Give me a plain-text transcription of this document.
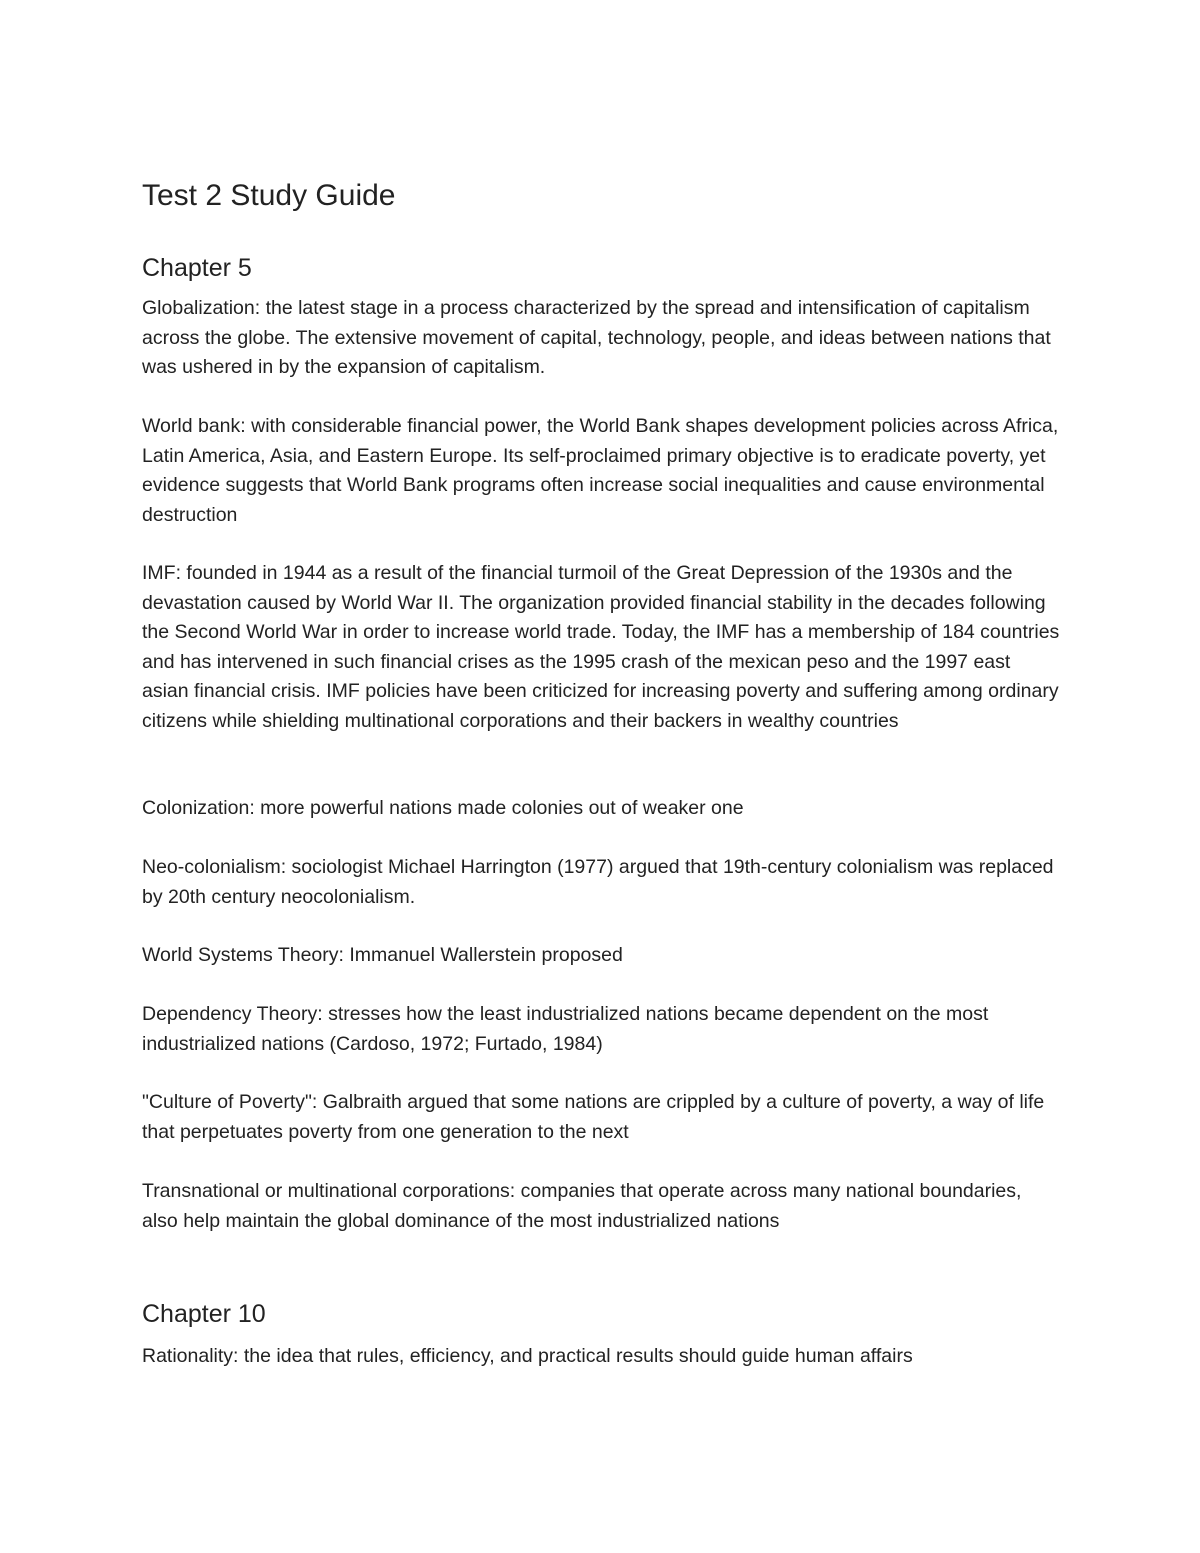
Test 2 Study Guide
Chapter 5

Globalization: the latest stage in a process characterized by the spread and intensification of capitalism across the globe. The extensive movement of capital, technology, people, and ideas between nations that was ushered in by the expansion of capitalism.

World bank: with considerable financial power, the World Bank shapes development policies across Africa, Latin America, Asia, and Eastern Europe. Its self-proclaimed primary objective is to eradicate poverty, yet evidence suggests that World Bank programs often increase social inequalities and cause environmental destruction

IMF: founded in 1944 as a result of the financial turmoil of the Great Depression of the 1930s and the devastation caused by World War II. The organization provided financial stability in the decades following the Second World War in order to increase world trade. Today, the IMF has a membership of 184 countries and has intervened in such financial crises as the 1995 crash of the mexican peso and the 1997 east asian financial crisis. IMF policies have been criticized for increasing poverty and suffering among ordinary citizens while shielding multinational corporations and their backers in wealthy countries

Colonization: more powerful nations made colonies out of weaker one

Neo-colonialism: sociologist Michael Harrington (1977) argued that 19th-century colonialism was replaced by 20th century neocolonialism.

World Systems Theory: Immanuel Wallerstein proposed

Dependency Theory: stresses how the least industrialized nations became dependent on the most industrialized nations (Cardoso, 1972; Furtado, 1984)

"Culture of Poverty": Galbraith argued that some nations are crippled by a culture of poverty, a way of life that perpetuates poverty from one generation to the next

Transnational or multinational corporations: companies that operate across many national boundaries, also help maintain the global dominance of the most industrialized nations

Chapter 10

Rationality: the idea that rules, efficiency, and practical results should guide human affairs
